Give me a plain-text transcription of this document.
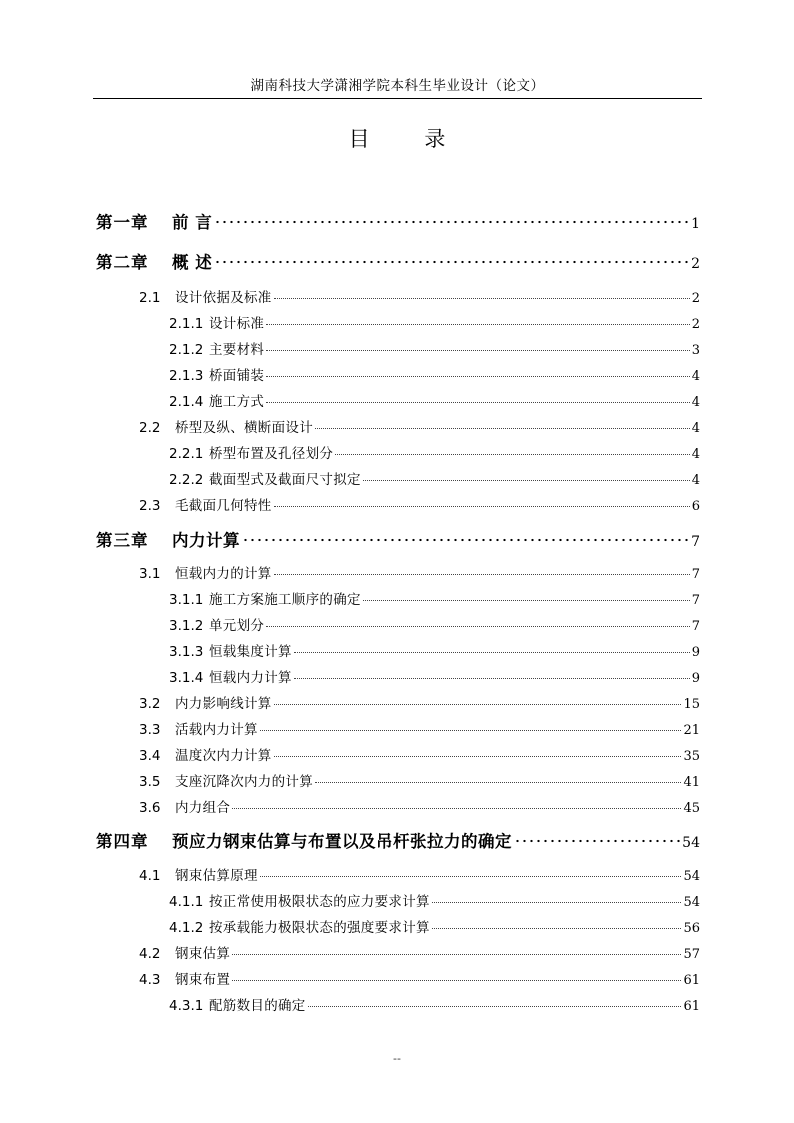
湖南科技大学潇湘学院本科生毕业设计（论文）
目 录
第一章	前 言	1
第二章	概 述	2
2.1	设计依据及标准	2
2.1.1 设计标准	2
2.1.2 主要材料	3
2.1.3 桥面铺装	4
2.1.4 施工方式	4
2.2	桥型及纵、横断面设计	4
2.2.1 桥型布置及孔径划分	4
2.2.2 截面型式及截面尺寸拟定	4
2.3	毛截面几何特性	6
第三章	内力计算	7
3.1	恒载内力的计算	7
3.1.1 施工方案施工顺序的确定	7
3.1.2 单元划分	7
3.1.3 恒载集度计算	9
3.1.4 恒载内力计算	9
3.2	内力影响线计算	15
3.3	活载内力计算	21
3.4	温度次内力计算	35
3.5	支座沉降次内力的计算	41
3.6	内力组合	45
第四章	预应力钢束估算与布置以及吊杆张拉力的确定	54
4.1	钢束估算原理	54
4.1.1 按正常使用极限状态的应力要求计算	54
4.1.2 按承载能力极限状态的强度要求计算	56
4.2	钢束估算	57
4.3	钢束布置	61
4.3.1 配筋数目的确定	61
--
